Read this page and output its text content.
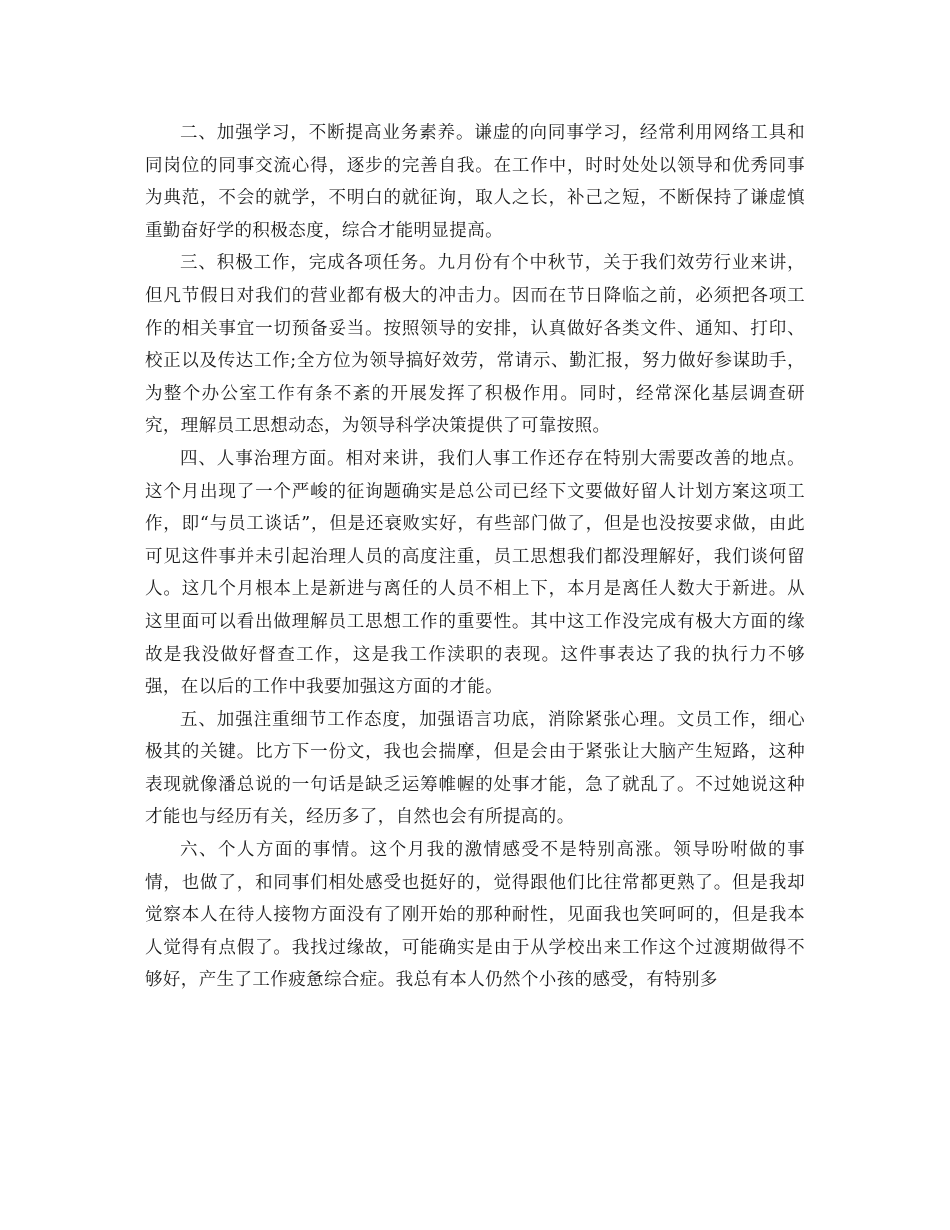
二、加强学习，不断提高业务素养。谦虚的向同事学习，经常利用网络工具和同岗位的同事交流心得，逐步的完善自我。在工作中，时时处处以领导和优秀同事为典范，不会的就学，不明白的就征询，取人之长，补己之短，不断保持了谦虚慎重勤奋好学的积极态度，综合才能明显提高。

三、积极工作，完成各项任务。九月份有个中秋节，关于我们效劳行业来讲，但凡节假日对我们的营业都有极大的冲击力。因而在节日降临之前，必须把各项工作的相关事宜一切预备妥当。按照领导的安排，认真做好各类文件、通知、打印、校正以及传达工作;全方位为领导搞好效劳，常请示、勤汇报，努力做好参谋助手，为整个办公室工作有条不紊的开展发挥了积极作用。同时，经常深化基层调查研究，理解员工思想动态，为领导科学决策提供了可靠按照。

四、人事治理方面。相对来讲，我们人事工作还存在特别大需要改善的地点。这个月出现了一个严峻的征询题确实是总公司已经下文要做好留人计划方案这项工作，即“与员工谈话”，但是还衰败实好，有些部门做了，但是也没按要求做，由此可见这件事并未引起治理人员的高度注重，员工思想我们都没理解好，我们谈何留人。这几个月根本上是新进与离任的人员不相上下，本月是离任人数大于新进。从这里面可以看出做理解员工思想工作的重要性。其中这工作没完成有极大方面的缘故是我没做好督查工作，这是我工作渎职的表现。这件事表达了我的执行力不够强，在以后的工作中我要加强这方面的才能。

五、加强注重细节工作态度，加强语言功底，消除紧张心理。文员工作，细心极其的关键。比方下一份文，我也会揣摩，但是会由于紧张让大脑产生短路，这种表现就像潘总说的一句话是缺乏运筹帷幄的处事才能，急了就乱了。不过她说这种才能也与经历有关，经历多了，自然也会有所提高的。

六、个人方面的事情。这个月我的激情感受不是特别高涨。领导吩咐做的事情，也做了，和同事们相处感受也挺好的，觉得跟他们比往常都更熟了。但是我却觉察本人在待人接物方面没有了刚开始的那种耐性，见面我也笑呵呵的，但是我本人觉得有点假了。我找过缘故，可能确实是由于从学校出来工作这个过渡期做得不够好，产生了工作疲惫综合症。我总有本人仍然个小孩的感受，有特别多
